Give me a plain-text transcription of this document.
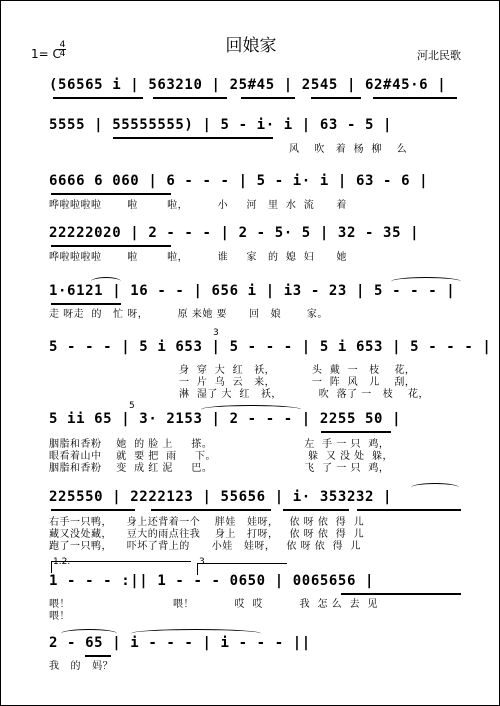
回娘家
1= C
4
4	河北民歌
(56565 i | 563210 | 25#45 | 2545 | 62#45·6 |
5555 | 55555555) | 5 - i· i | 63 - 5 |
风    吹   着  杨  柳    么
6666 6 060 | 6 - - - | 5 - i· i | 63 - 6 |
哗啦啦啦啦       啦        啦，        小     河   里  水  流      着
22222020 | 2 - - - | 2 - 5· 5 | 32 - 35 |
哗啦啦啦啦       啦        啦，        谁     家   的  媳  妇      她
1·6121 | 16 - - | 656 i | i3 - 23 | 5 - - - |
走 呀走  的   忙 呀，        原 来她 要      回   娘       家。
5 - - - | 5 i 653 | 5 - - - | 5 i 653 | 5 - - - |
3

身  穿  大  红   袄，          头  戴  一   枝    花，

一  片  乌  云   来，          一  阵  风   儿    刮，

淋  湿了 大  红   袄，          吹  落了 一   枝    花，

5 ii 65 | 3· 2153 | 2 - - - | 2255 50 |
5

胭脂和香粉    她  的 脸 上     搽。                         左  手 一 只  鸡，

眼看着山中    就  要 把  雨     下。                         躲  又 没 处  躲，

胭脂和香粉    变  成 红 泥     巴。                         飞  了 一 只  鸡，

225550 | 2222123 | 55656 | i· 353232 |

右手一只鸭，    身上还背着一个    胖娃   娃呀，   依 呀 依  得  儿

藏又没处藏，    豆大的雨点往我    身上   打呀，   依 呀 依  得  儿

跑了一只鸭，    吓坏了背上的      小娃   娃呀，   依 呀 依  得  儿

1.2.	3.
1 - - - :|| 1 - - - 0650 | 0065656 |

喂！                            喂！           哎  哎          我  怎 么  去  见

喂！

2 - 65 | i - - - | i - - - ||
我   的   妈？
